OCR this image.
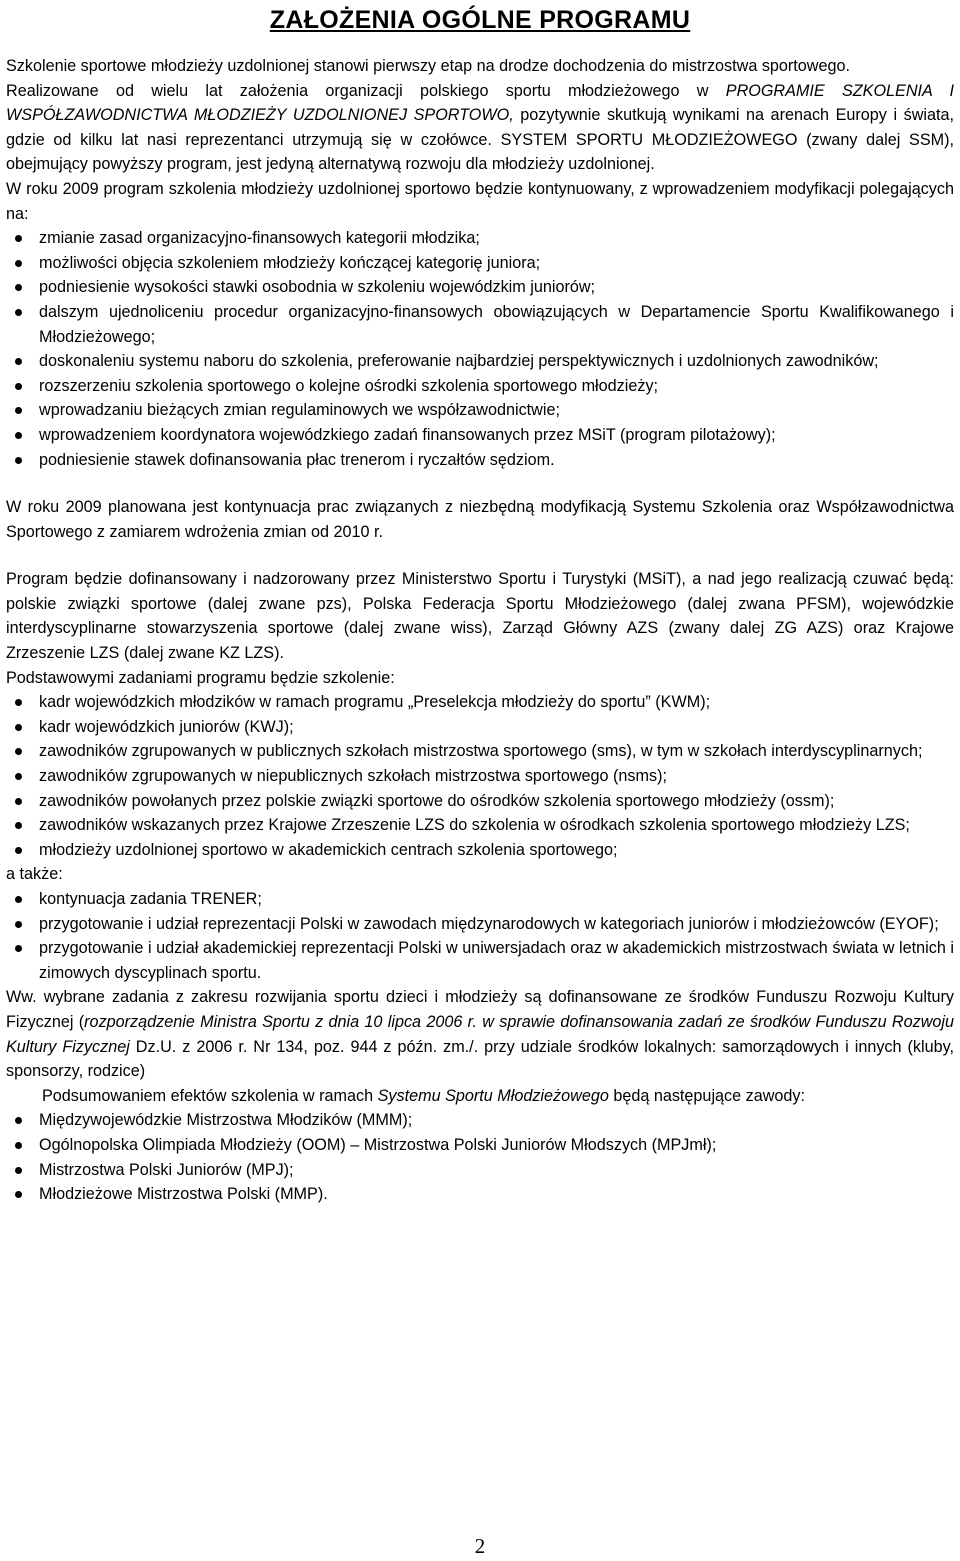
ZAŁOŻENIA OGÓLNE PROGRAMU

Szkolenie sportowe młodzieży uzdolnionej stanowi pierwszy etap na drodze dochodzenia do mistrzostwa sportowego.

Realizowane od wielu lat założenia organizacji polskiego sportu młodzieżowego w PROGRAMIE SZKOLENIA I WSPÓŁZAWODNICTWA MŁODZIEŻY UZDOLNIONEJ SPORTOWO, pozytywnie skutkują wynikami na arenach Europy i świata, gdzie od kilku lat nasi reprezentanci utrzymują się w czołówce. SYSTEM SPORTU MŁODZIEŻOWEGO (zwany dalej SSM), obejmujący powyższy program, jest jedyną alternatywą rozwoju dla młodzieży uzdolnionej.

W roku 2009 program szkolenia młodzieży uzdolnionej sportowo będzie kontynuowany, z wprowadzeniem modyfikacji polegających na:

zmianie zasad organizacyjno-finansowych kategorii młodzika;
możliwości objęcia szkoleniem młodzieży kończącej kategorię juniora;
podniesienie wysokości stawki osobodnia w szkoleniu wojewódzkim juniorów;
dalszym ujednoliceniu procedur organizacyjno-finansowych obowiązujących w Departamencie Sportu Kwalifikowanego i Młodzieżowego;
doskonaleniu systemu naboru do szkolenia, preferowanie najbardziej perspektywicznych i uzdolnionych zawodników;
rozszerzeniu szkolenia sportowego o kolejne ośrodki szkolenia sportowego młodzieży;
wprowadzaniu bieżących zmian regulaminowych we współzawodnictwie;
wprowadzeniem koordynatora wojewódzkiego zadań finansowanych przez MSiT (program pilotażowy);
podniesienie stawek dofinansowania płac trenerom i ryczałtów sędziom.

W roku 2009 planowana jest kontynuacja prac związanych z niezbędną modyfikacją Systemu Szkolenia oraz Współzawodnictwa Sportowego z zamiarem wdrożenia zmian od 2010 r.

Program będzie dofinansowany i nadzorowany przez Ministerstwo Sportu i Turystyki (MSiT), a nad jego realizacją czuwać będą: polskie związki sportowe (dalej zwane pzs), Polska Federacja Sportu Młodzieżowego (dalej zwana PFSM), wojewódzkie interdyscyplinarne stowarzyszenia sportowe (dalej zwane wiss), Zarząd Główny AZS (zwany dalej ZG AZS) oraz Krajowe Zrzeszenie LZS (dalej zwane KZ LZS).

Podstawowymi zadaniami programu będzie szkolenie:

kadr wojewódzkich młodzików w ramach programu „Preselekcja młodzieży do sportu” (KWM);
kadr wojewódzkich juniorów (KWJ);
zawodników zgrupowanych w publicznych szkołach mistrzostwa sportowego (sms), w tym w szkołach interdyscyplinarnych;
zawodników zgrupowanych w niepublicznych szkołach mistrzostwa sportowego (nsms);
zawodników powołanych przez polskie związki sportowe do ośrodków szkolenia sportowego młodzieży (ossm);
zawodników wskazanych przez Krajowe Zrzeszenie LZS do szkolenia w ośrodkach szkolenia sportowego młodzieży LZS;
młodzieży uzdolnionej sportowo w akademickich centrach szkolenia sportowego;

a także:

kontynuacja zadania TRENER;
przygotowanie i udział reprezentacji Polski w zawodach międzynarodowych w kategoriach juniorów i młodzieżowców (EYOF);
przygotowanie i udział akademickiej reprezentacji Polski w uniwersjadach oraz w akademickich mistrzostwach świata w letnich i zimowych dyscyplinach sportu.

Ww. wybrane zadania z zakresu rozwijania sportu dzieci i młodzieży są dofinansowane ze środków Funduszu Rozwoju Kultury Fizycznej (rozporządzenie Ministra Sportu z dnia 10 lipca 2006 r. w sprawie dofinansowania zadań ze środków Funduszu Rozwoju Kultury Fizycznej Dz.U. z 2006 r. Nr 134, poz. 944 z późn. zm./. przy udziale środków lokalnych: samorządowych i innych (kluby, sponsorzy, rodzice)

Podsumowaniem efektów szkolenia w ramach Systemu Sportu Młodzieżowego będą następujące zawody:

Międzywojewódzkie Mistrzostwa Młodzików (MMM);
Ogólnopolska Olimpiada Młodzieży (OOM) – Mistrzostwa Polski Juniorów Młodszych (MPJmł);
Mistrzostwa Polski Juniorów (MPJ);
Młodzieżowe Mistrzostwa Polski (MMP).
2
